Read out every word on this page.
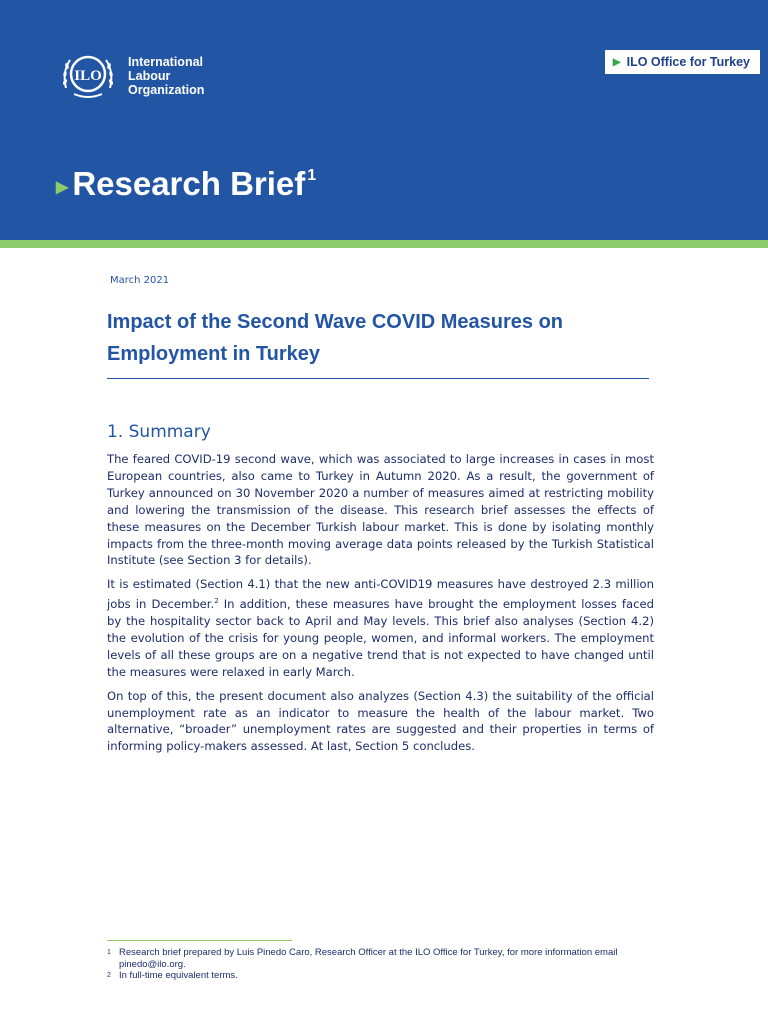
ILO
International
Labour
Organization
▶ ILO Office for Turkey
▶ Research Brief$^1$
March 2021
Impact of the Second Wave COVID Measures on Employment in Turkey
1. Summary

The feared COVID-19 second wave, which was associated to large increases in cases in most European countries, also came to Turkey in Autumn 2020. As a result, the government of Turkey announced on 30 November 2020 a number of measures aimed at restricting mobility and lowering the transmission of the disease. This research brief assesses the effects of these measures on the December Turkish labour market. This is done by isolating monthly impacts from the three-month moving average data points released by the Turkish Statistical Institute (see Section 3 for details).

It is estimated (Section 4.1) that the new anti-COVID19 measures have destroyed 2.3 million jobs in December.$^2$ In addition, these measures have brought the employment losses faced by the hospitality sector back to April and May levels. This brief also analyses (Section 4.2) the evolution of the crisis for young people, women, and informal workers. The employment levels of all these groups are on a negative trend that is not expected to have changed until the measures were relaxed in early March.

On top of this, the present document also analyzes (Section 4.3) the suitability of the official unemployment rate as an indicator to measure the health of the labour market. Two alternative, “broader” unemployment rates are suggested and their properties in terms of informing policy-makers assessed. At last, Section 5 concludes.

1 Research brief prepared by Luis Pinedo Caro, Research Officer at the ILO Office for Turkey, for more information email pinedo@ilo.org.
2 In full-time equivalent terms.
